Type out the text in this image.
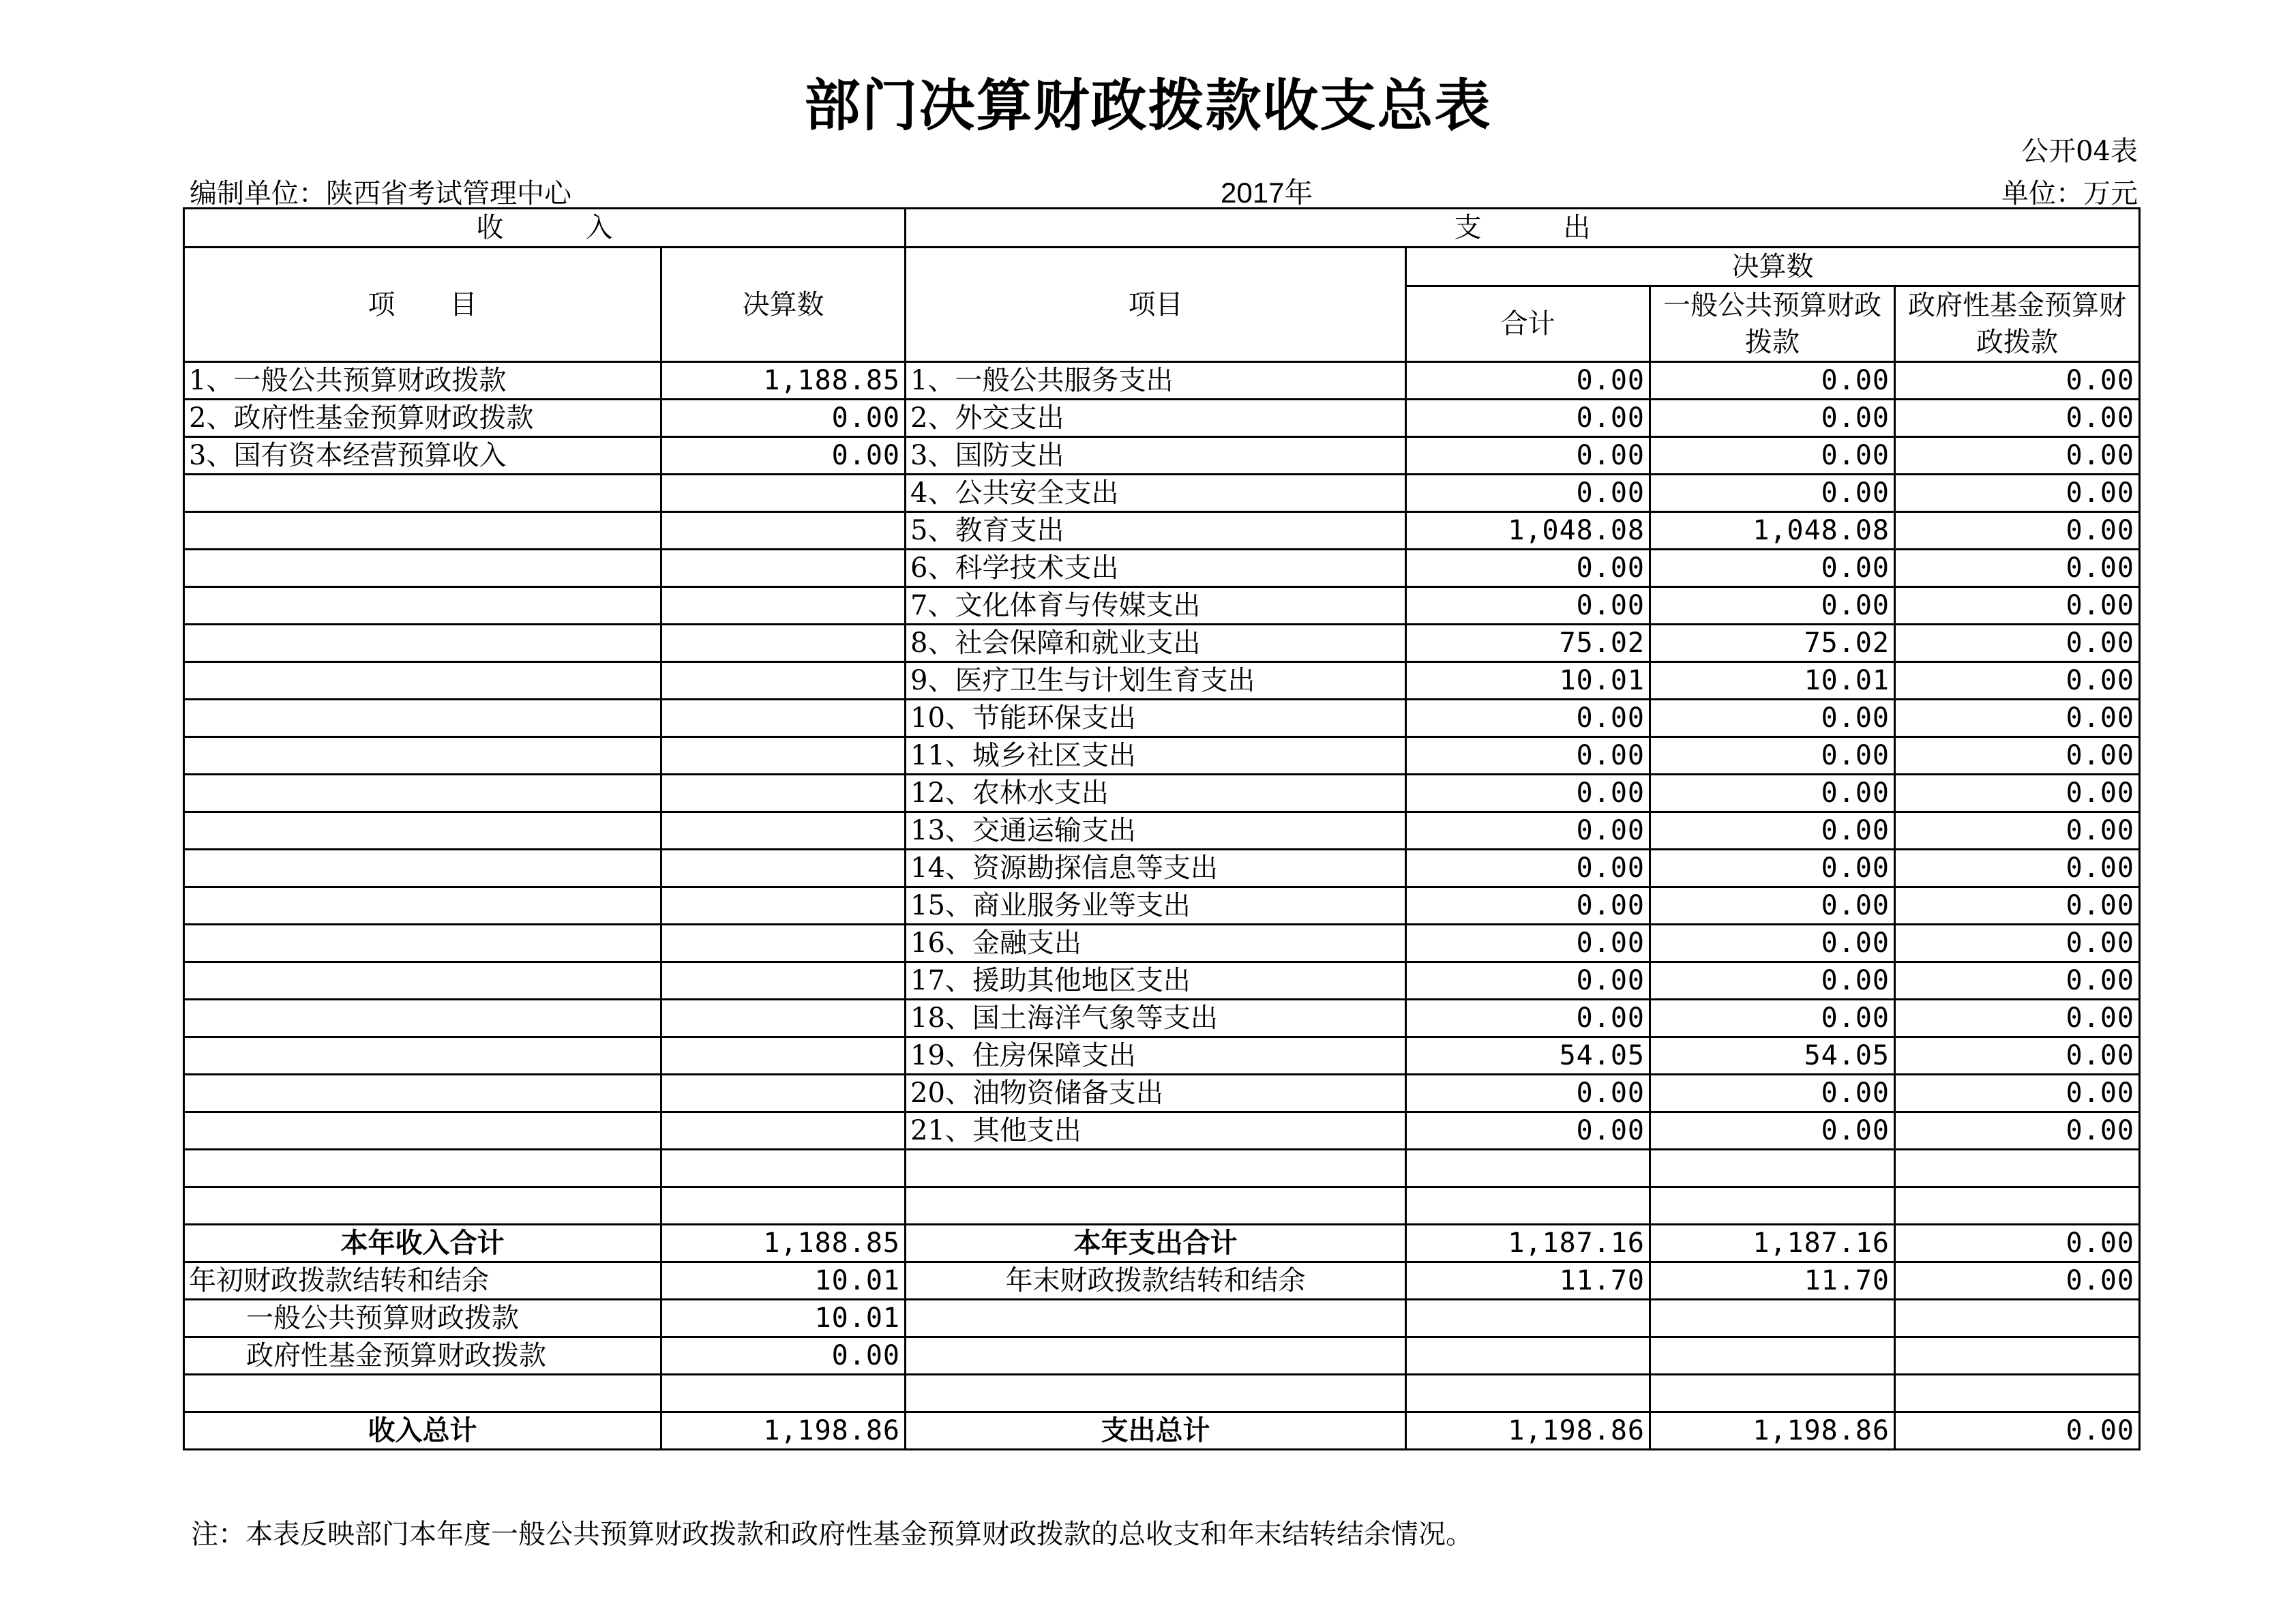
部门决算财政拨款收支总表
公开04表
编制单位：陕西省考试管理中心	2017年	单位：万元
收　　　入		支　　　出			
项　　目	决算数	项目	决算数		
			合计	一般公共预算财政拨款	政府性基金预算财政拨款
1、一般公共预算财政拨款	1,188.85	1、一般公共服务支出	0.00	0.00	0.00
2、政府性基金预算财政拨款	0.00	2、外交支出	0.00	0.00	0.00
3、国有资本经营预算收入	0.00	3、国防支出	0.00	0.00	0.00
		4、公共安全支出	0.00	0.00	0.00
		5、教育支出	1,048.08	1,048.08	0.00
		6、科学技术支出	0.00	0.00	0.00
		7、文化体育与传媒支出	0.00	0.00	0.00
		8、社会保障和就业支出	75.02	75.02	0.00
		9、医疗卫生与计划生育支出	10.01	10.01	0.00
		10、节能环保支出	0.00	0.00	0.00
		11、城乡社区支出	0.00	0.00	0.00
		12、农林水支出	0.00	0.00	0.00
		13、交通运输支出	0.00	0.00	0.00
		14、资源勘探信息等支出	0.00	0.00	0.00
		15、商业服务业等支出	0.00	0.00	0.00
		16、金融支出	0.00	0.00	0.00
		17、援助其他地区支出	0.00	0.00	0.00
		18、国土海洋气象等支出	0.00	0.00	0.00
		19、住房保障支出	54.05	54.05	0.00
		20、油物资储备支出	0.00	0.00	0.00
		21、其他支出	0.00	0.00	0.00

本年收入合计	1,188.85	本年支出合计	1,187.16	1,187.16	0.00
年初财政拨款结转和结余	10.01	年末财政拨款结转和结余	11.70	11.70	0.00
一般公共预算财政拨款	10.01				
政府性基金预算财政拨款	0.00				

收入总计	1,198.86	支出总计	1,198.86	1,198.86	0.00
注：本表反映部门本年度一般公共预算财政拨款和政府性基金预算财政拨款的总收支和年末结转结余情况。
